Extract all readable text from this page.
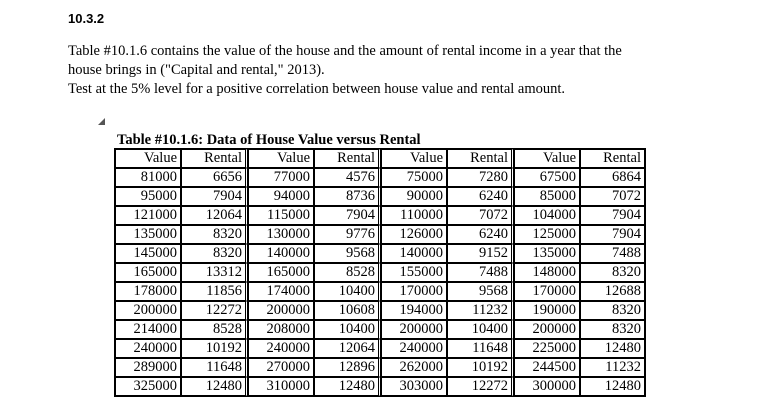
10.3.2
Table #10.1.6 contains the value of the house and the amount of rental income in a year that the
house brings in ("Capital and rental," 2013).
Test at the 5% level for a positive correlation between house value and rental amount.
Table #10.1.6: Data of House Value versus Rental
Value	Rental	Value	Rental	Value	Rental	Value	Rental
81000	6656	77000	4576	75000	7280	67500	6864
95000	7904	94000	8736	90000	6240	85000	7072
121000	12064	115000	7904	110000	7072	104000	7904
135000	8320	130000	9776	126000	6240	125000	7904
145000	8320	140000	9568	140000	9152	135000	7488
165000	13312	165000	8528	155000	7488	148000	8320
178000	11856	174000	10400	170000	9568	170000	12688
200000	12272	200000	10608	194000	11232	190000	8320
214000	8528	208000	10400	200000	10400	200000	8320
240000	10192	240000	12064	240000	11648	225000	12480
289000	11648	270000	12896	262000	10192	244500	11232
325000	12480	310000	12480	303000	12272	300000	12480
